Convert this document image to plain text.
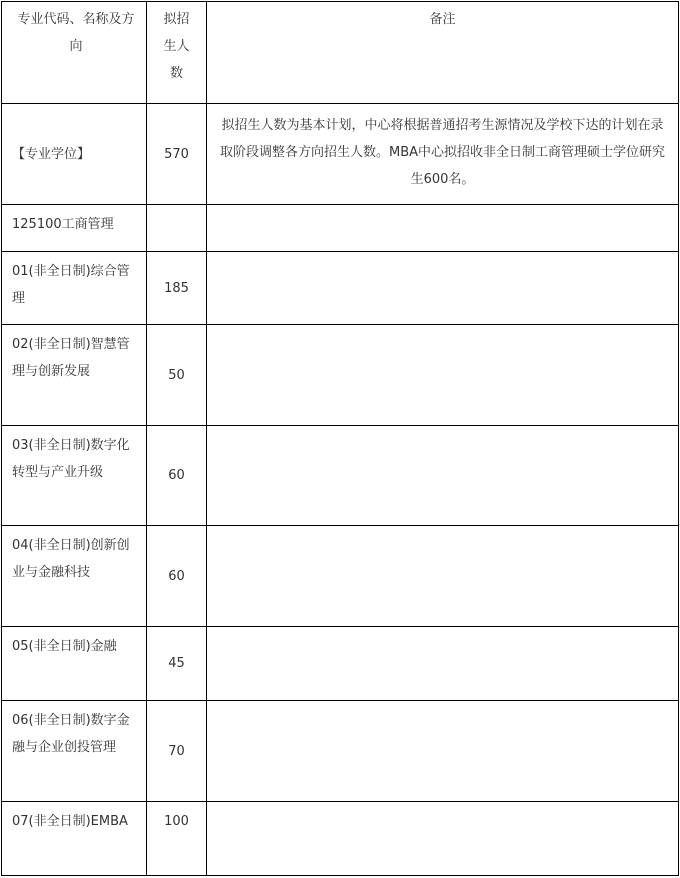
专业代码、名称及方向	拟招生人数	备注
【专业学位】	570	拟招生人数为基本计划，中心将根据普通招考生源情况及学校下达的计划在录取阶段调整各方向招生人数。MBA中心拟招收非全日制工商管理硕士学位研究生600名。
125100工商管理		
01(非全日制)综合管理	185	
02(非全日制)智慧管理与创新发展	50	
03(非全日制)数字化转型与产业升级	60	
04(非全日制)创新创业与金融科技	60	
05(非全日制)金融	45	
06(非全日制)数字金融与企业创投管理	70	
07(非全日制)EMBA	100	
